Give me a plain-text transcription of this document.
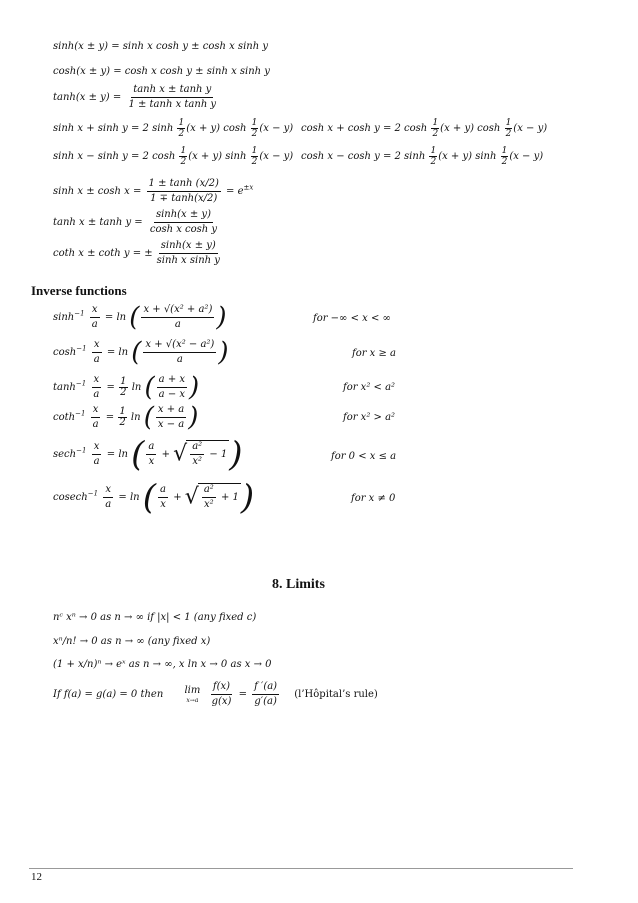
sinh(x ± y) = sinh x cosh y ± cosh x sinh y
cosh(x ± y) = cosh x cosh y ± sinh x sinh y
$\tanh(x \pm y) = \frac{\text{tanh x ± tanh y}}{\text{1 ± tanh x tanh y}}$
sinh x + sinh y = 2 $\sinh \frac{1}{2} (x + y)$ $\cosh \frac{1}{2} (x - y)$
sinh x − sinh y = 2 $\cosh \frac{1}{2} (x + y)$ $\sinh \frac{1}{2} (x - y)$
cosh x + cosh y = 2 $\cosh \frac{1}{2} (x + y)$ $\cosh \frac{1}{2} (x - y)$
cosh x − cosh y = 2 $\sinh \frac{1}{2} (x + y)$ $\sinh \frac{1}{2} (x - y)$
$\sinh x \pm \cosh x = \frac{1 \pm \tanh (x/2)}{1 \mp \tanh(x/2)} = e^{\pm x}$
$\tanh x \pm \tanh y = \frac{\sinh(x \pm y)}{\text{cosh x cosh y}}$
coth x ± coth y = ± $\frac{\sinh(x \pm y)}{\text{sinh x sinh y}}$
Inverse functions
$\sinh^{-1} \frac{x}{a} = \ln$ ( $\frac{\text{x + √(x² + a²)}}{a}$ )	for −∞ < x < ∞
$\cosh^{-1} \frac{x}{a} = \ln$ ( $\frac{\text{x + √(x² − a²)}}{a}$ )	for x ≥ a
$\tanh^{-1} \frac{x}{a} = \frac{1}{2}$ ln ( $\frac{a + x}{a - x}$ )	for x² < a²
$\cot h^{-1} \frac{x}{a} = \frac{1}{2}$ ln ( $\frac{x + a}{x - a}$ )	for x² > a²
$\sec h^{-1} \frac{x}{a} = \ln$ ( $\frac{a}{x}$ + √ $\frac{\text{a²}}{\text{x²}} - 1$)	for 0 < x ≤ a
$cosech^{-1} \frac{x}{a} = \ln$ ( $\frac{a}{x}$ + √ $\frac{\text{a²}}{\text{x²}} + 1$)	for x ≠ 0
8. Limits
nᶜ xⁿ → 0 as n → ∞ if |x| < 1 (any fixed c)
xⁿ/n! → 0 as n → ∞ (any fixed x)
(1 + x/n)ⁿ → eˣ as n → ∞, x ln x → 0 as x → 0
If f(a) = g(a) = 0 then lim
x→a
$\frac{f(x)}{g(x)} = \frac{f '(a)}{g'(a)}$ (l’Hôpital’s rule)
12
